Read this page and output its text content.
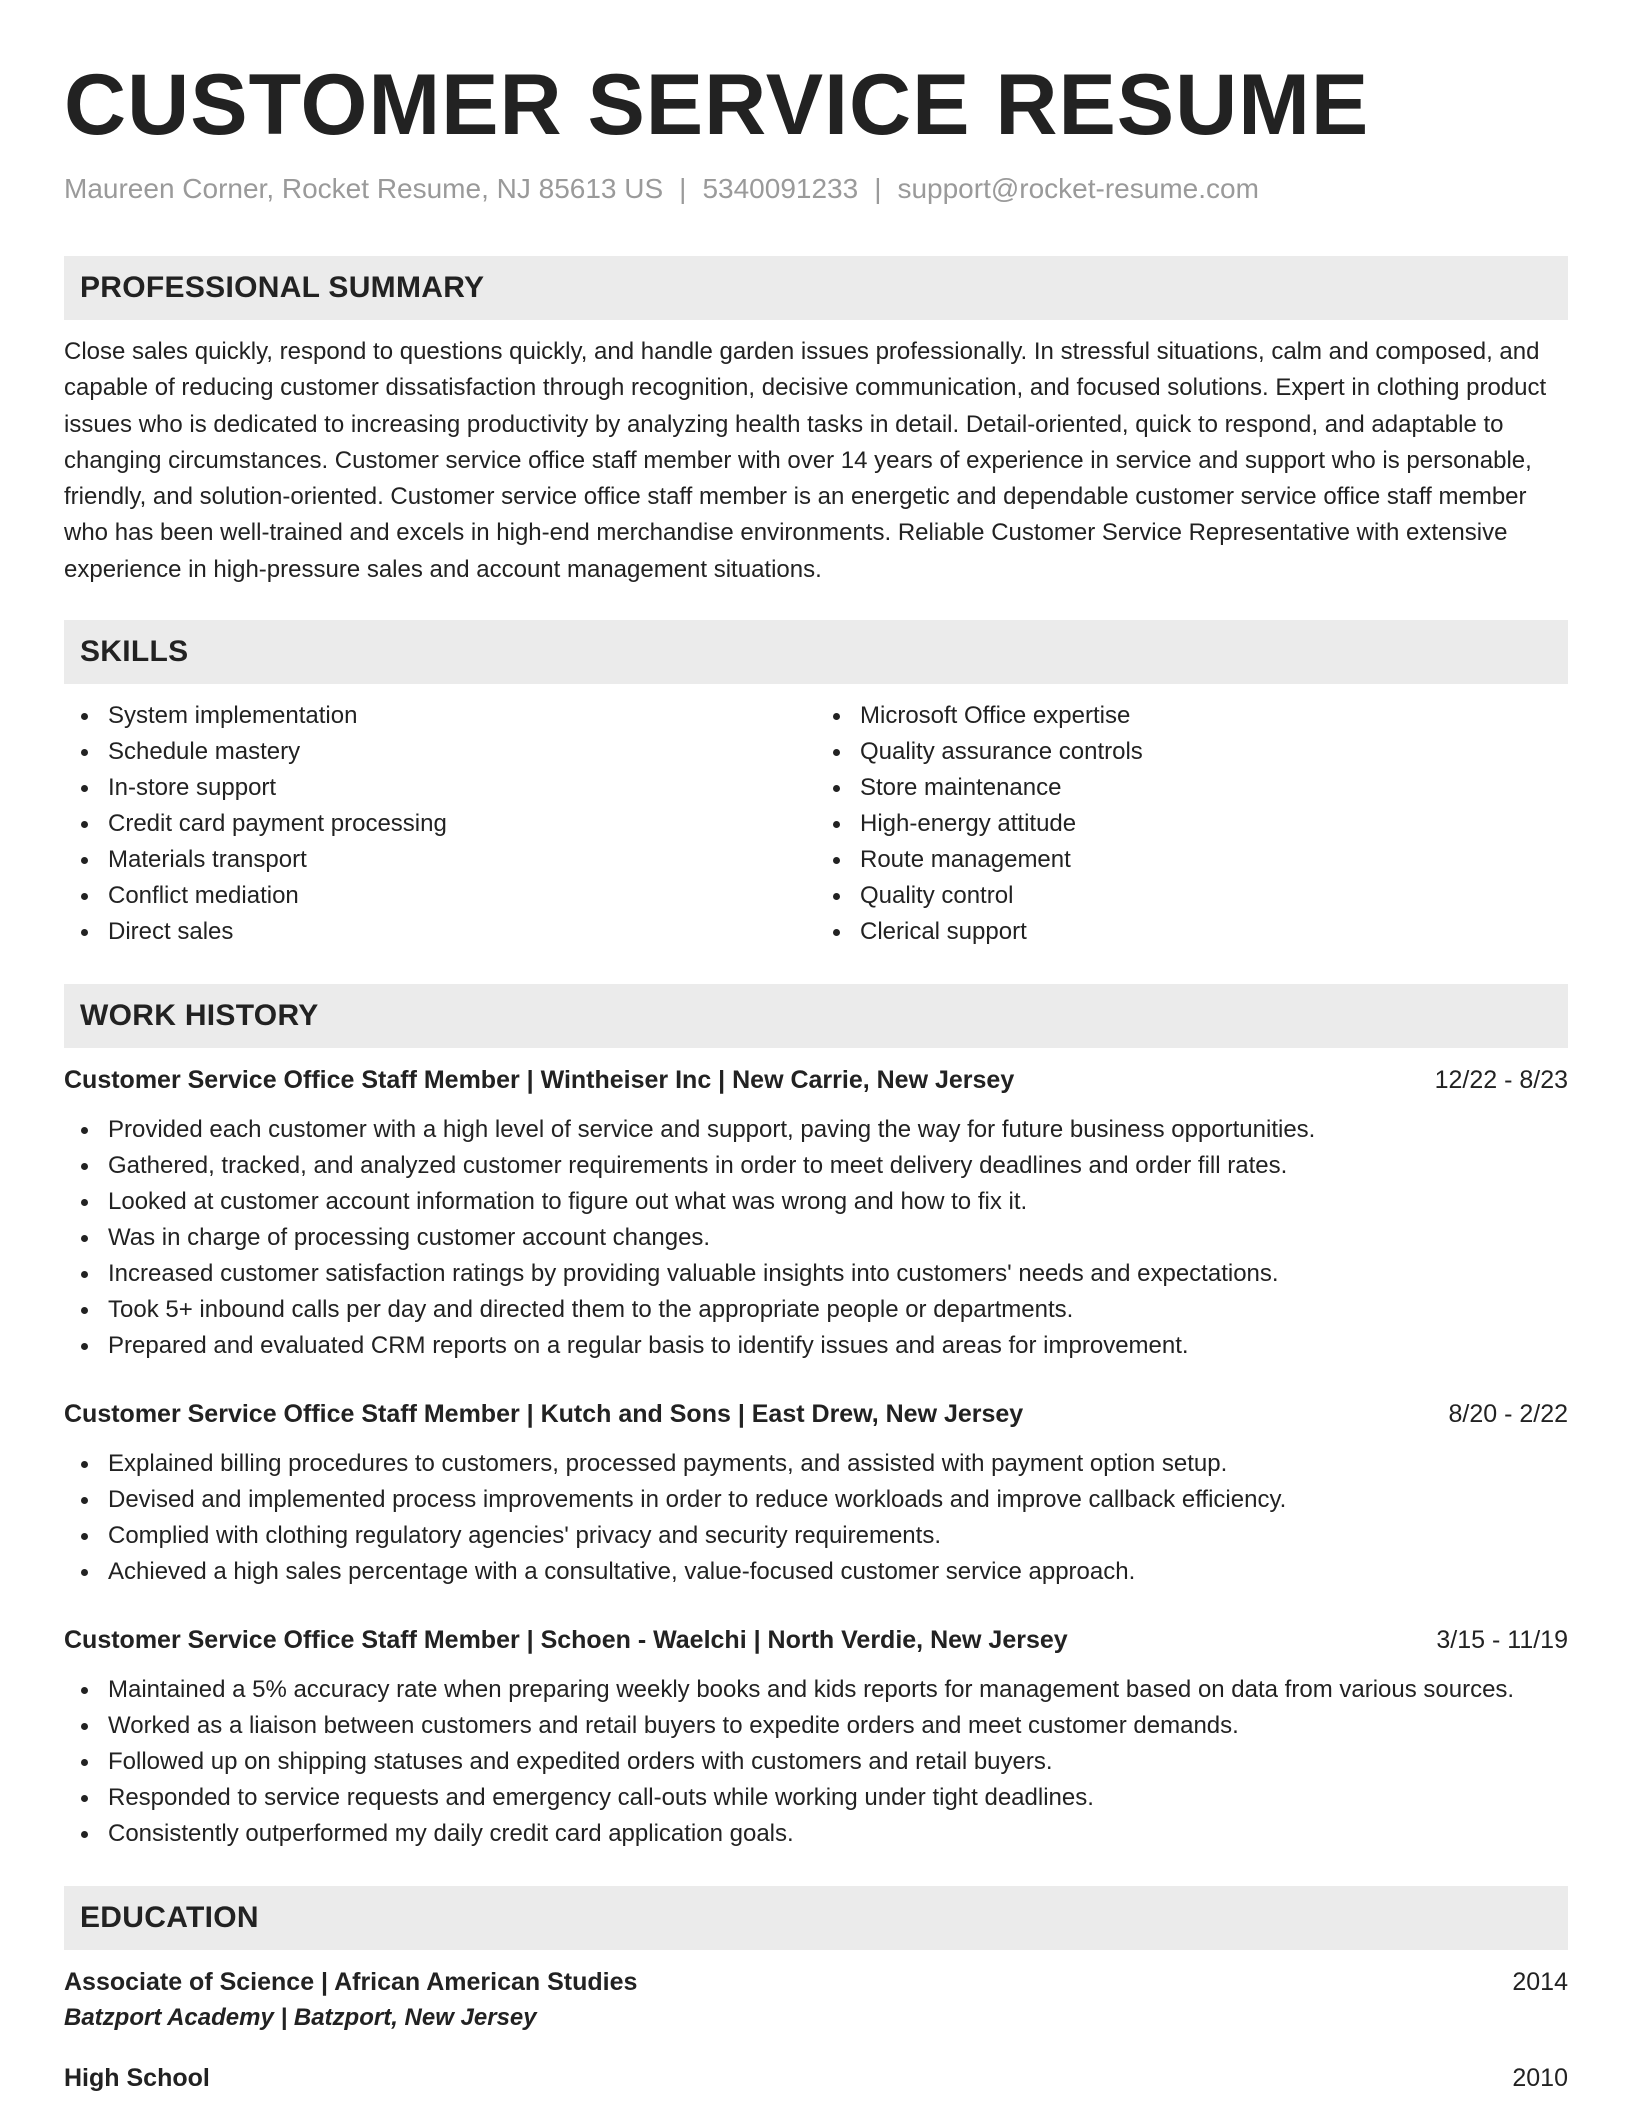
CUSTOMER SERVICE RESUME
Maureen Corner, Rocket Resume, NJ 85613 US | 5340091233 | support@rocket-resume.com
PROFESSIONAL SUMMARY

Close sales quickly, respond to questions quickly, and handle garden issues professionally. In stressful situations, calm and composed, and capable of reducing customer dissatisfaction through recognition, decisive communication, and focused solutions. Expert in clothing product issues who is dedicated to increasing productivity by analyzing health tasks in detail. Detail-oriented, quick to respond, and adaptable to changing circumstances. Customer service office staff member with over 14 years of experience in service and support who is personable, friendly, and solution-oriented. Customer service office staff member is an energetic and dependable customer service office staff member who has been well-trained and excels in high-end merchandise environments. Reliable Customer Service Representative with extensive experience in high-pressure sales and account management situations.

SKILLS
System implementation
Schedule mastery
In-store support
Credit card payment processing
Materials transport
Conflict mediation
Direct sales
Microsoft Office expertise
Quality assurance controls
Store maintenance
High-energy attitude
Route management
Quality control
Clerical support
WORK HISTORY
Customer Service Office Staff Member | Wintheiser Inc | New Carrie, New Jersey	12/22 - 8/23
Provided each customer with a high level of service and support, paving the way for future business opportunities.
Gathered, tracked, and analyzed customer requirements in order to meet delivery deadlines and order fill rates.
Looked at customer account information to figure out what was wrong and how to fix it.
Was in charge of processing customer account changes.
Increased customer satisfaction ratings by providing valuable insights into customers' needs and expectations.
Took 5+ inbound calls per day and directed them to the appropriate people or departments.
Prepared and evaluated CRM reports on a regular basis to identify issues and areas for improvement.
Customer Service Office Staff Member | Kutch and Sons | East Drew, New Jersey	8/20 - 2/22
Explained billing procedures to customers, processed payments, and assisted with payment option setup.
Devised and implemented process improvements in order to reduce workloads and improve callback efficiency.
Complied with clothing regulatory agencies' privacy and security requirements.
Achieved a high sales percentage with a consultative, value-focused customer service approach.
Customer Service Office Staff Member | Schoen - Waelchi | North Verdie, New Jersey	3/15 - 11/19
Maintained a 5% accuracy rate when preparing weekly books and kids reports for management based on data from various sources.
Worked as a liaison between customers and retail buyers to expedite orders and meet customer demands.
Followed up on shipping statuses and expedited orders with customers and retail buyers.
Responded to service requests and emergency call-outs while working under tight deadlines.
Consistently outperformed my daily credit card application goals.
EDUCATION
Associate of Science | African American Studies	2014
Batzport Academy | Batzport, New Jersey
High School	2010
